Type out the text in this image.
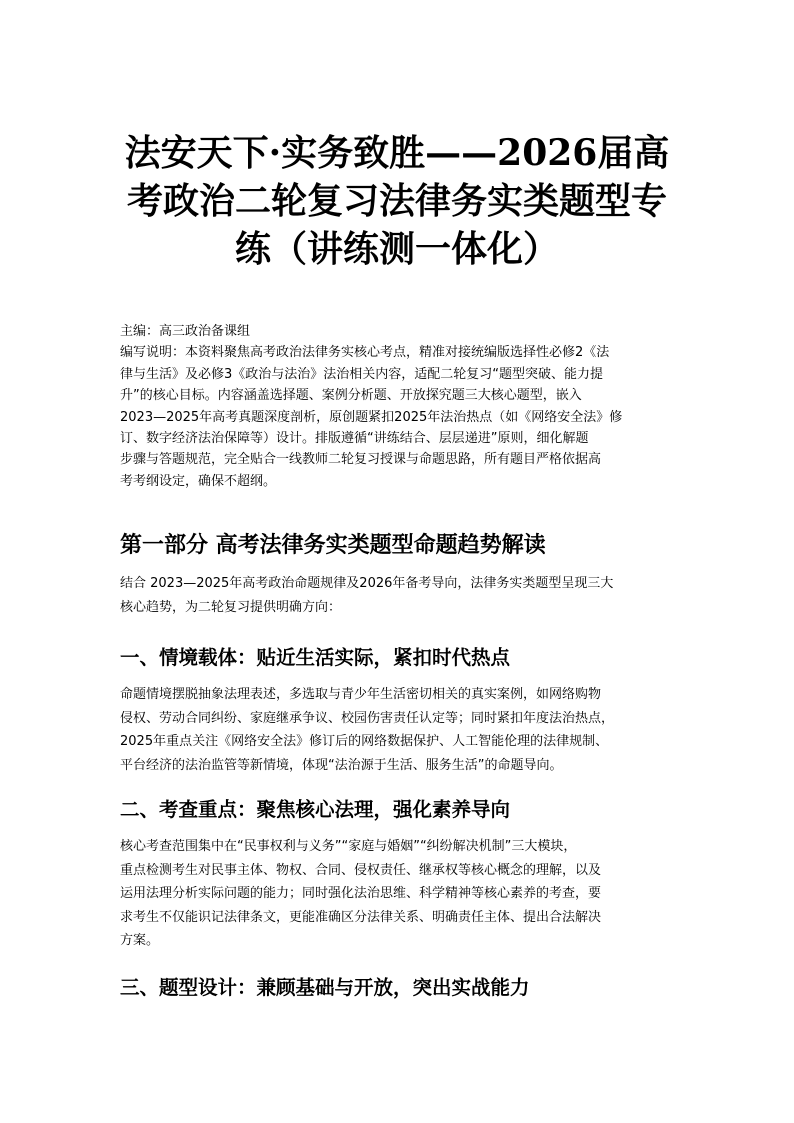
法安天下·实务致胜——2026届高
考政治二轮复习法律务实类题型专
练（讲练测一体化）
主编：高三政治备课组
编写说明：本资料聚焦高考政治法律务实核心考点，精准对接统编版选择性必修2《法
律与生活》及必修3《政治与法治》法治相关内容，适配二轮复习“题型突破、能力提
升”的核心目标。内容涵盖选择题、案例分析题、开放探究题三大核心题型，嵌入
2023—2025年高考真题深度剖析，原创题紧扣2025年法治热点（如《网络安全法》修
订、数字经济法治保障等）设计。排版遵循“讲练结合、层层递进”原则，细化解题
步骤与答题规范，完全贴合一线教师二轮复习授课与命题思路，所有题目严格依据高
考考纲设定，确保不超纲。
第一部分 高考法律务实类题型命题趋势解读
结合 2023—2025年高考政治命题规律及2026年备考导向，法律务实类题型呈现三大
核心趋势，为二轮复习提供明确方向：
一、情境载体：贴近生活实际，紧扣时代热点
命题情境摆脱抽象法理表述，多选取与青少年生活密切相关的真实案例，如网络购物
侵权、劳动合同纠纷、家庭继承争议、校园伤害责任认定等；同时紧扣年度法治热点，
2025年重点关注《网络安全法》修订后的网络数据保护、人工智能伦理的法律规制、
平台经济的法治监管等新情境，体现“法治源于生活、服务生活”的命题导向。
二、考查重点：聚焦核心法理，强化素养导向
核心考查范围集中在“民事权利与义务”“家庭与婚姻”“纠纷解决机制”三大模块，
重点检测考生对民事主体、物权、合同、侵权责任、继承权等核心概念的理解，以及
运用法理分析实际问题的能力；同时强化法治思维、科学精神等核心素养的考查，要
求考生不仅能识记法律条文，更能准确区分法律关系、明确责任主体、提出合法解决
方案。
三、题型设计：兼顾基础与开放，突出实战能力
